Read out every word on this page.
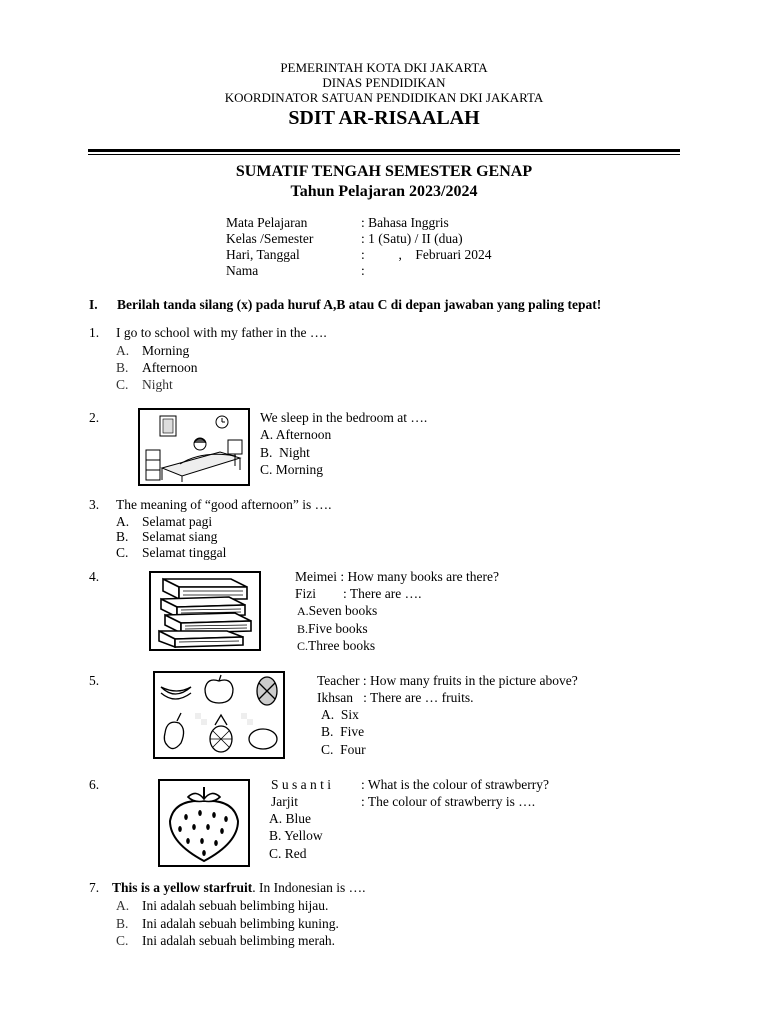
PEMERINTAH KOTA DKI JAKARTA
DINAS PENDIDIKAN
KOORDINATOR SATUAN PENDIDIKAN DKI JAKARTA
SDIT AR-RISAALAH
SUMATIF TENGAH SEMESTER GENAP
Tahun Pelajaran 2023/2024
Mata Pelajaran	: Bahasa Inggris
Kelas /Semester	: 1 (Satu) / II (dua)
Hari, Tanggal	:          ,    Februari 2024
Nama	:
I. Berilah tanda silang (x) pada huruf A,B atau C di depan jawaban yang paling tepat!
1. I go to school with my father in the ….
A. Morning
B. Afternoon
C. Night
2.	We sleep in the bedroom at ….
A. Afternoon
B.  Night
C. Morning
3. The meaning of “good afternoon” is ….
A. Selamat pagi
B. Selamat siang
C. Selamat tinggal
4.	Meimei : How many books are there?
Fizi        : There are ….
A.Seven books
B.Five books
C.Three books
5.	Teacher : How many fruits in the picture above?
Ikhsan   : There are … fruits.
A.  Six
B.  Five
C.  Four
6.	S u s a n t i : What is the colour of strawberry?
Jarjit	: The colour of strawberry is ….
A. Blue
B. Yellow
C. Red
7. This is a yellow starfruit. In Indonesian is ….
A. Ini adalah sebuah belimbing hijau.
B. Ini adalah sebuah belimbing kuning.
C. Ini adalah sebuah belimbing merah.
